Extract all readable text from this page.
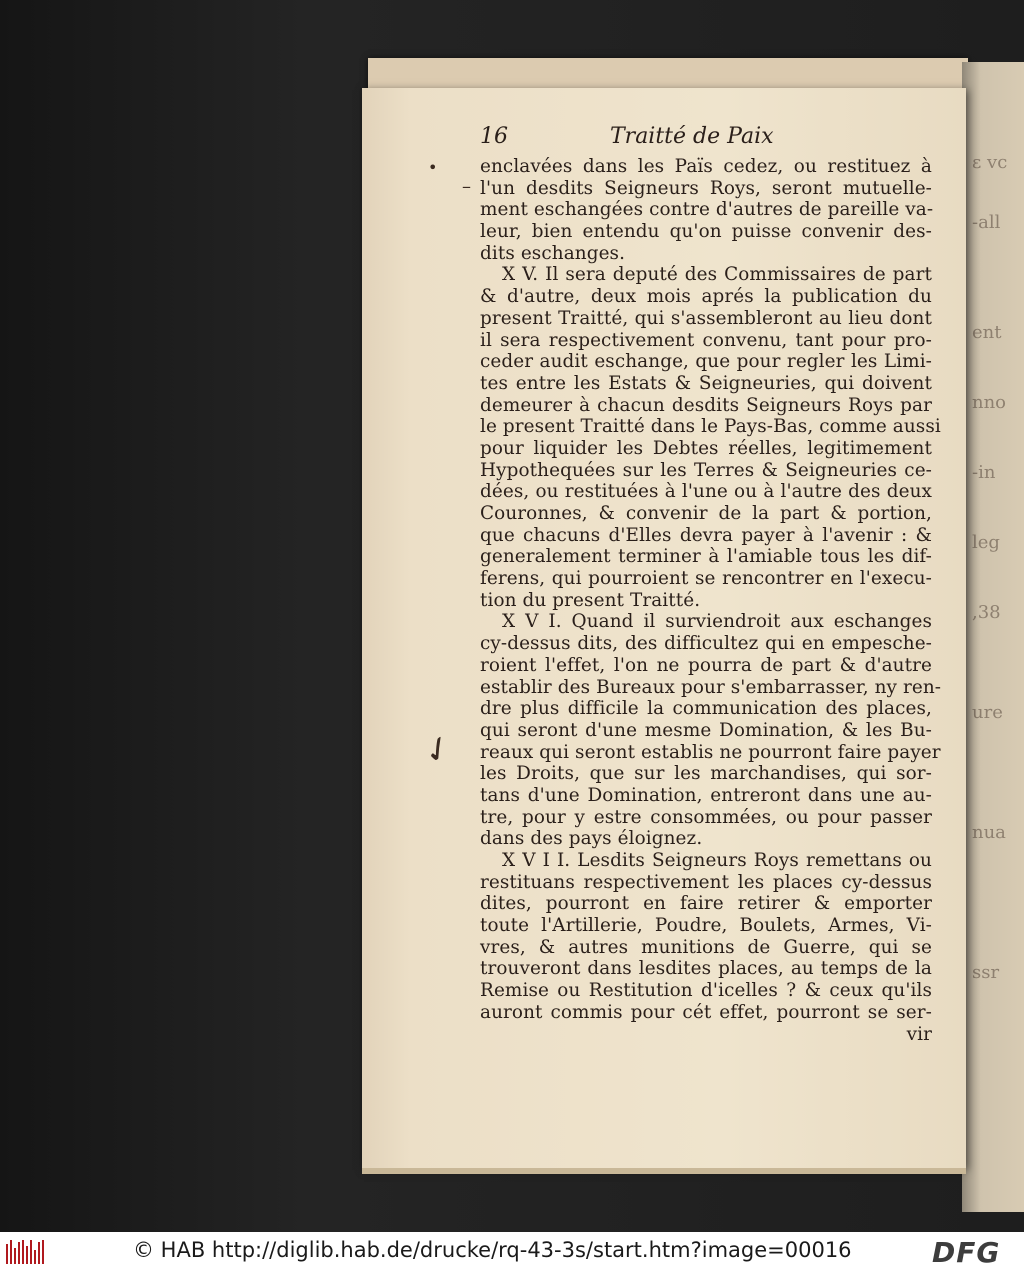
ε vc
-all
ent
nno
-in
leg
,38
ure
nua
ssr
•
–
✓
16	Traitté de Paix
enclavées dans les Païs cedez, ou restituez à
l'un desdits Seigneurs Roys, seront mutuelle-
ment eschangées contre d'autres de pareille va-
leur, bien entendu qu'on puisse convenir des-
dits eschanges.
X V. Il sera deputé des Commissaires de part
& d'autre, deux mois aprés la publication du
present Traitté, qui s'assembleront au lieu dont
il sera respectivement convenu, tant pour pro-
ceder audit eschange, que pour regler les Limi-
tes entre les Estats & Seigneuries, qui doivent
demeurer à chacun desdits Seigneurs Roys par
le present Traitté dans le Pays-Bas, comme aussi
pour liquider les Debtes réelles, legitimement
Hypothequées sur les Terres & Seigneuries ce-
dées, ou restituées à l'une ou à l'autre des deux
Couronnes, & convenir de la part & portion,
que chacuns d'Elles devra payer à l'avenir : &
generalement terminer à l'amiable tous les dif-
ferens, qui pourroient se rencontrer en l'execu-
tion du present Traitté.
X V I. Quand il surviendroit aux eschanges
cy-dessus dits, des difficultez qui en empesche-
roient l'effet, l'on ne pourra de part & d'autre
establir des Bureaux pour s'embarrasser, ny ren-
dre plus difficile la communication des places,
qui seront d'une mesme Domination, & les Bu-
reaux qui seront establis ne pourront faire payer
les Droits, que sur les marchandises, qui sor-
tans d'une Domination, entreront dans une au-
tre, pour y estre consommées, ou pour passer
dans des pays éloignez.
X V I I. Lesdits Seigneurs Roys remettans ou
restituans respectivement les places cy-dessus
dites, pourront en faire retirer & emporter
toute l'Artillerie, Poudre, Boulets, Armes, Vi-
vres, & autres munitions de Guerre, qui se
trouveront dans lesdites places, au temps de la
Remise ou Restitution d'icelles ? & ceux qu'ils
auront commis pour cét effet, pourront se ser-
vir
© HAB http://diglib.hab.de/drucke/rq-43-3s/start.htm?image=00016	DFG
